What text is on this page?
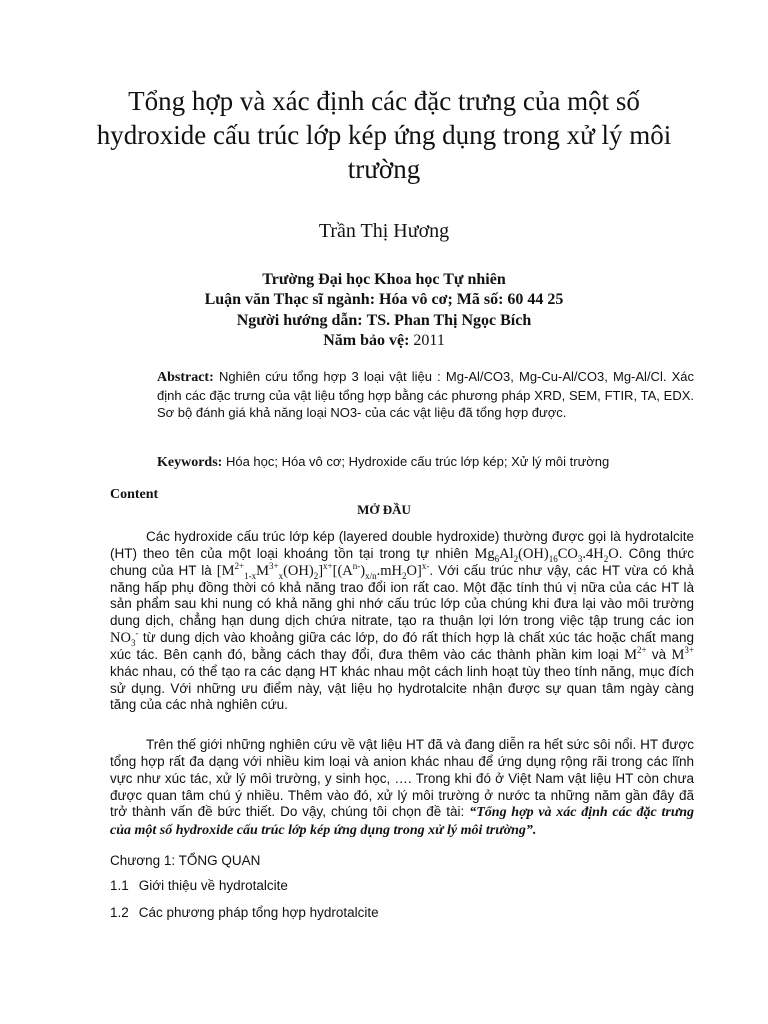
Tổng hợp và xác định các đặc trưng của một số hydroxide cấu trúc lớp kép ứng dụng trong xử lý môi trường
Trần Thị Hương
Trường Đại học Khoa học Tự nhiên
Luận văn Thạc sĩ ngành: Hóa vô cơ; Mã số: 60 44 25
Người hướng dẫn: TS. Phan Thị Ngọc Bích
Năm bảo vệ: 2011
Abstract: Nghiên cứu tổng hợp 3 loại vật liệu : Mg-Al/CO3, Mg-Cu-Al/CO3, Mg-Al/Cl. Xác định các đặc trưng của vật liệu tổng hợp bằng các phương pháp XRD, SEM, FTIR, TA, EDX. Sơ bộ đánh giá khả năng loại NO3- của các vật liệu đã tổng hợp được.
Keywords: Hóa học; Hóa vô cơ; Hydroxide cấu trúc lớp kép; Xử lý môi trường
Content
MỞ ĐẦU
Các hydroxide cấu trúc lớp kép (layered double hydroxide) thường được gọi là hydrotalcite (HT) theo tên của một loại khoáng tồn tại trong tự nhiên $Mg_6Al_2(OH)_{16}CO_3.4H_2O$. Công thức chung của HT là $[M^{2+}_{1-x}M^{3+}_x(OH)_2]^{x+}[(A^{n-})_{x/n}.mH_2O]^{x-}$. Với cấu trúc như vậy, các HT vừa có khả năng hấp phụ đồng thời có khả năng trao đổi ion rất cao. Một đặc tính thú vị nữa của các HT là sản phẩm sau khi nung có khả năng ghi nhớ cấu trúc lớp của chúng khi đưa lại vào môi trường dung dịch, chẳng hạn dung dịch chứa nitrate, tạo ra thuận lợi lớn trong việc tập trung các ion $NO_3^-$ từ dung dịch vào khoảng giữa các lớp, do đó rất thích hợp là chất xúc tác hoặc chất mang xúc tác. Bên cạnh đó, bằng cách thay đổi, đưa thêm vào các thành phần kim loại $M^{2+}$ và $M^{3+}$ khác nhau, có thể tạo ra các dạng HT khác nhau một cách linh hoạt tùy theo tính năng, mục đích sử dụng. Với những ưu điểm này, vật liệu họ hydrotalcite nhận được sự quan tâm ngày càng tăng của các nhà nghiên cứu.
Trên thế giới những nghiên cứu về vật liệu HT đã và đang diễn ra hết sức sôi nổi. HT được tổng hợp rất đa dạng với nhiều kim loại và anion khác nhau để ứng dụng rộng rãi trong các lĩnh vực như xúc tác, xử lý môi trường, y sinh học, …. Trong khi đó ở Việt Nam vật liệu HT còn chưa được quan tâm chú ý nhiều. Thêm vào đó, xử lý môi trường ở nước ta những năm gần đây đã trở thành vấn đề bức thiết. Do vậy, chúng tôi chọn đề tài: “Tổng hợp và xác định các đặc trưng của một số hydroxide cấu trúc lớp kép ứng dụng trong xử lý môi trường”.
Chương 1: TỔNG QUAN
1.1 Giới thiệu về hydrotalcite
1.2 Các phương pháp tổng hợp hydrotalcite
